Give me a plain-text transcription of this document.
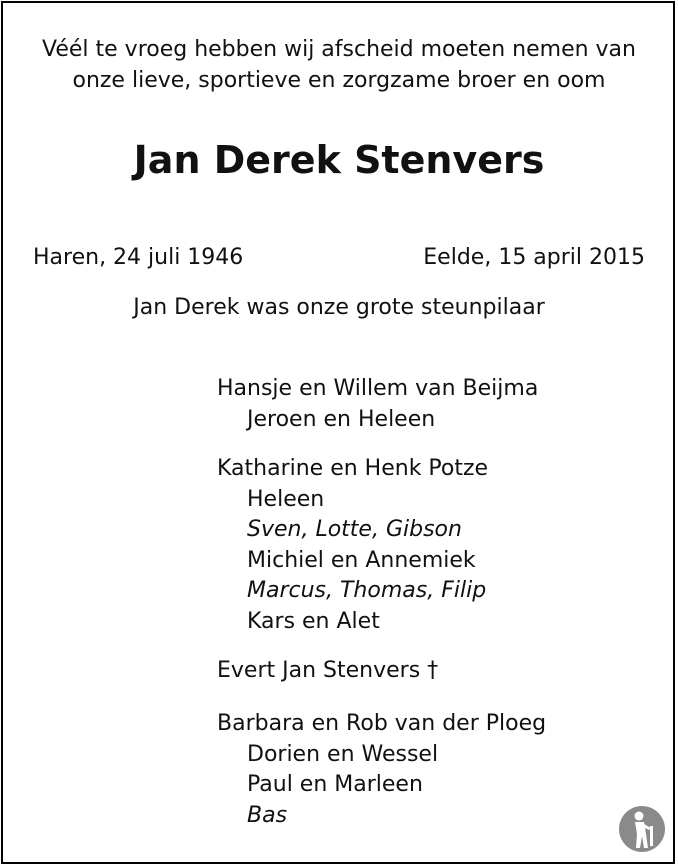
Véél te vroeg hebben wij afscheid moeten nemen van
onze lieve, sportieve en zorgzame broer en oom
Jan Derek Stenvers
Haren, 24 juli 1946	Eelde, 15 april 2015
Jan Derek was onze grote steunpilaar
Hansje en Willem van Beijma
Jeroen en Heleen
Katharine en Henk Potze
Heleen
Sven, Lotte, Gibson
Michiel en Annemiek
Marcus, Thomas, Filip
Kars en Alet
Evert Jan Stenvers †
Barbara en Rob van der Ploeg
Dorien en Wessel
Paul en Marleen
Bas
